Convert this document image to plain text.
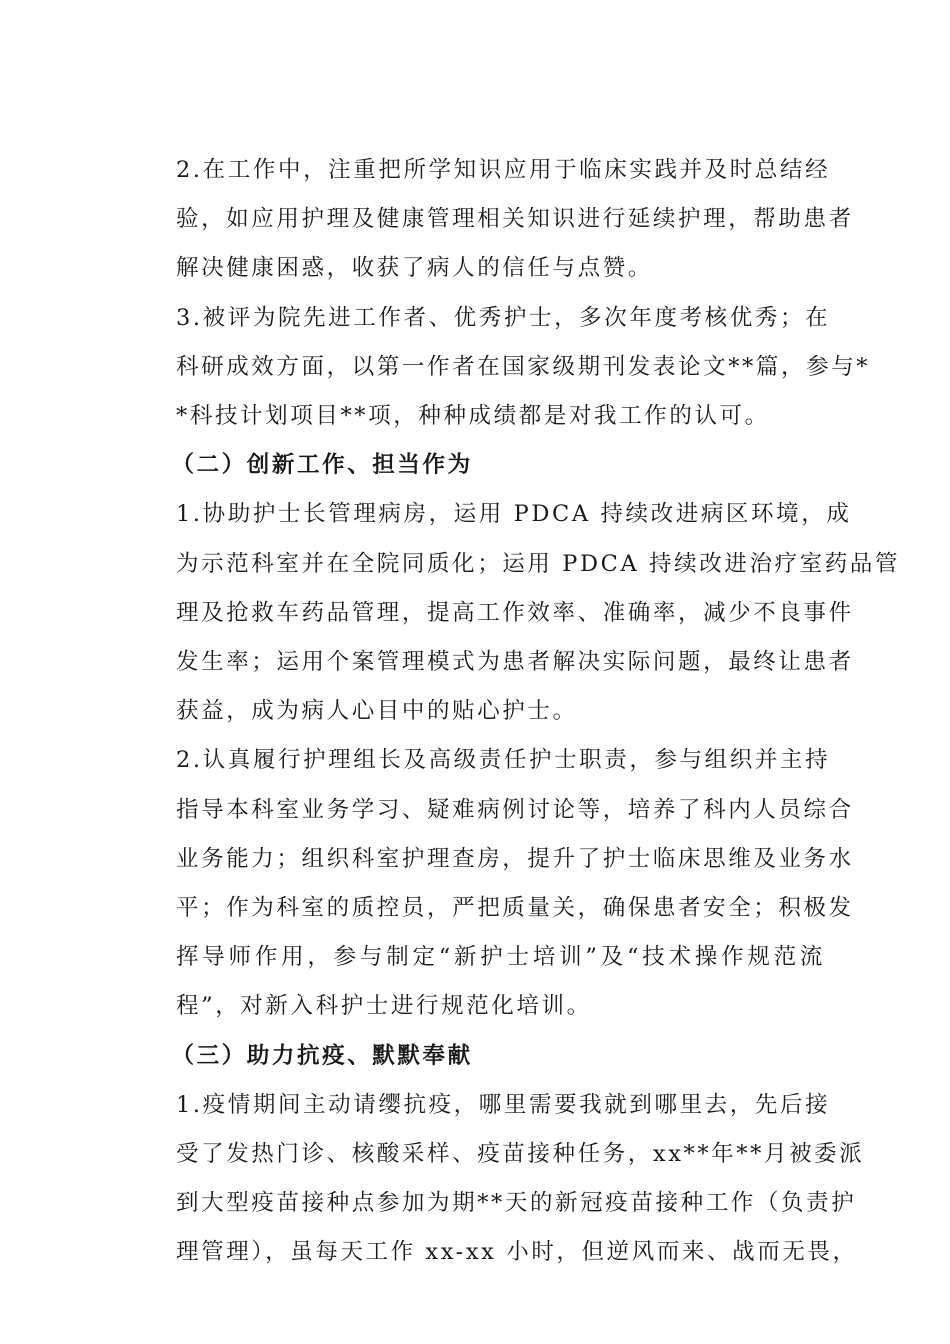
2.在工作中，注重把所学知识应用于临床实践并及时总结经
验，如应用护理及健康管理相关知识进行延续护理，帮助患者
解决健康困惑，收获了病人的信任与点赞。

3.被评为院先进工作者、优秀护士，多次年度考核优秀；在
科研成效方面，以第一作者在国家级期刊发表论文**篇，参与*
*科技计划项目**项，种种成绩都是对我工作的认可。

（二）创新工作、担当作为

1.协助护士长管理病房，运用 PDCA 持续改进病区环境，成
为示范科室并在全院同质化；运用 PDCA 持续改进治疗室药品管
理及抢救车药品管理，提高工作效率、准确率，减少不良事件
发生率；运用个案管理模式为患者解决实际问题，最终让患者
获益，成为病人心目中的贴心护士。

2.认真履行护理组长及高级责任护士职责，参与组织并主持
指导本科室业务学习、疑难病例讨论等，培养了科内人员综合
业务能力；组织科室护理查房，提升了护士临床思维及业务水
平；作为科室的质控员，严把质量关，确保患者安全；积极发
挥导师作用，参与制定“新护士培训”及“技术操作规范流
程”，对新入科护士进行规范化培训。

（三）助力抗疫、默默奉献

1.疫情期间主动请缨抗疫，哪里需要我就到哪里去，先后接
受了发热门诊、核酸采样、疫苗接种任务，xx**年**月被委派
到大型疫苗接种点参加为期**天的新冠疫苗接种工作（负责护
理管理），虽每天工作 xx-xx 小时，但逆风而来、战而无畏，
